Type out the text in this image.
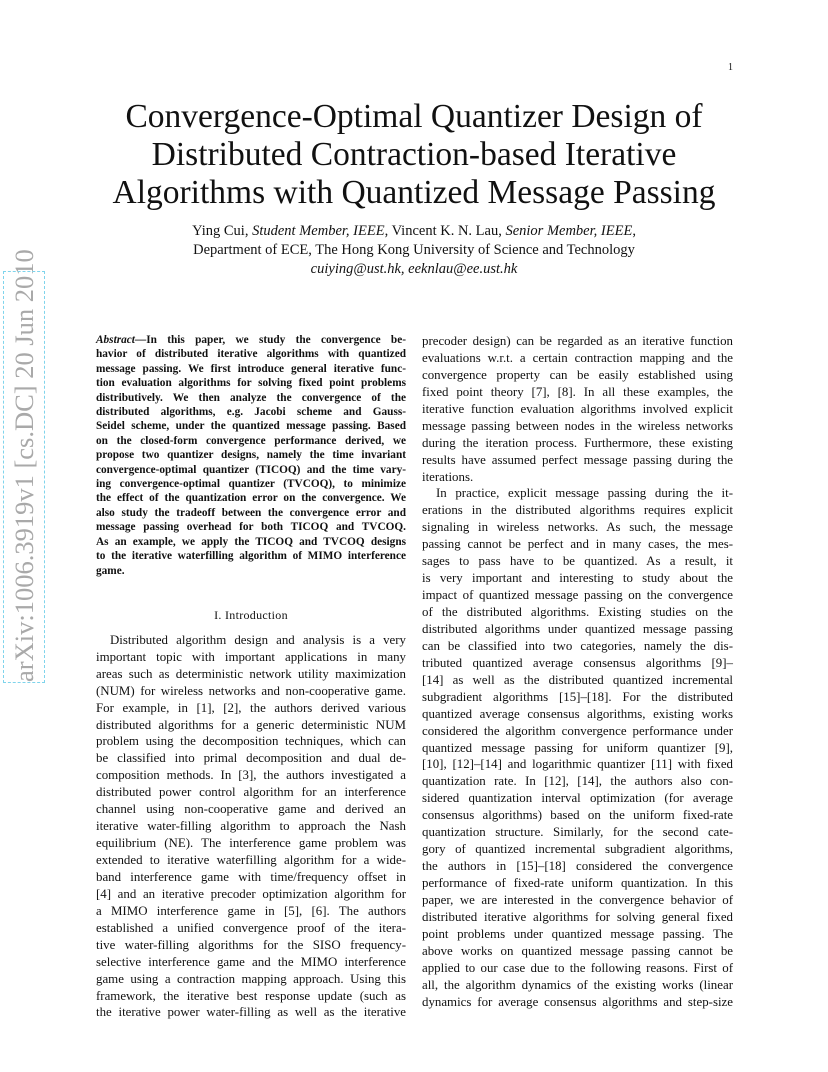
1
arXiv:1006.3919v1 [cs.DC] 20 Jun 2010
Convergence-Optimal Quantizer Design of
Distributed Contraction-based Iterative
Algorithms with Quantized Message Passing
Ying Cui, Student Member, IEEE, Vincent K. N. Lau, Senior Member, IEEE,
Department of ECE, The Hong Kong University of Science and Technology
cuiying@ust.hk, eeknlau@ee.ust.hk
Abstract—In this paper, we study the convergence be-
havior of distributed iterative algorithms with quantized
message passing. We first introduce general iterative func-
tion evaluation algorithms for solving fixed point problems
distributively. We then analyze the convergence of the
distributed algorithms, e.g. Jacobi scheme and Gauss-
Seidel scheme, under the quantized message passing. Based
on the closed-form convergence performance derived, we
propose two quantizer designs, namely the time invariant
convergence-optimal quantizer (TICOQ) and the time vary-
ing convergence-optimal quantizer (TVCOQ), to minimize
the effect of the quantization error on the convergence. We
also study the tradeoff between the convergence error and
message passing overhead for both TICOQ and TVCOQ.
As an example, we apply the TICOQ and TVCOQ designs
to the iterative waterfilling algorithm of MIMO interference
game.
I. Introduction
Distributed algorithm design and analysis is a very
important topic with important applications in many
areas such as deterministic network utility maximization
(NUM) for wireless networks and non-cooperative game.
For example, in [1], [2], the authors derived various
distributed algorithms for a generic deterministic NUM
problem using the decomposition techniques, which can
be classified into primal decomposition and dual de-
composition methods. In [3], the authors investigated a
distributed power control algorithm for an interference
channel using non-cooperative game and derived an
iterative water-filling algorithm to approach the Nash
equilibrium (NE). The interference game problem was
extended to iterative waterfilling algorithm for a wide-
band interference game with time/frequency offset in
[4] and an iterative precoder optimization algorithm for
a MIMO interference game in [5], [6]. The authors
established a unified convergence proof of the itera-
tive water-filling algorithms for the SISO frequency-
selective interference game and the MIMO interference
game using a contraction mapping approach. Using this
framework, the iterative best response update (such as
the iterative power water-filling as well as the iterative
precoder design) can be regarded as an iterative function
evaluations w.r.t. a certain contraction mapping and the
convergence property can be easily established using
fixed point theory [7], [8]. In all these examples, the
iterative function evaluation algorithms involved explicit
message passing between nodes in the wireless networks
during the iteration process. Furthermore, these existing
results have assumed perfect message passing during the
iterations.
In practice, explicit message passing during the it-
erations in the distributed algorithms requires explicit
signaling in wireless networks. As such, the message
passing cannot be perfect and in many cases, the mes-
sages to pass have to be quantized. As a result, it
is very important and interesting to study about the
impact of quantized message passing on the convergence
of the distributed algorithms. Existing studies on the
distributed algorithms under quantized message passing
can be classified into two categories, namely the dis-
tributed quantized average consensus algorithms [9]–
[14] as well as the distributed quantized incremental
subgradient algorithms [15]–[18]. For the distributed
quantized average consensus algorithms, existing works
considered the algorithm convergence performance under
quantized message passing for uniform quantizer [9],
[10], [12]–[14] and logarithmic quantizer [11] with fixed
quantization rate. In [12], [14], the authors also con-
sidered quantization interval optimization (for average
consensus algorithms) based on the uniform fixed-rate
quantization structure. Similarly, for the second cate-
gory of quantized incremental subgradient algorithms,
the authors in [15]–[18] considered the convergence
performance of fixed-rate uniform quantization. In this
paper, we are interested in the convergence behavior of
distributed iterative algorithms for solving general fixed
point problems under quantized message passing. The
above works on quantized message passing cannot be
applied to our case due to the following reasons. First of
all, the algorithm dynamics of the existing works (linear
dynamics for average consensus algorithms and step-size
